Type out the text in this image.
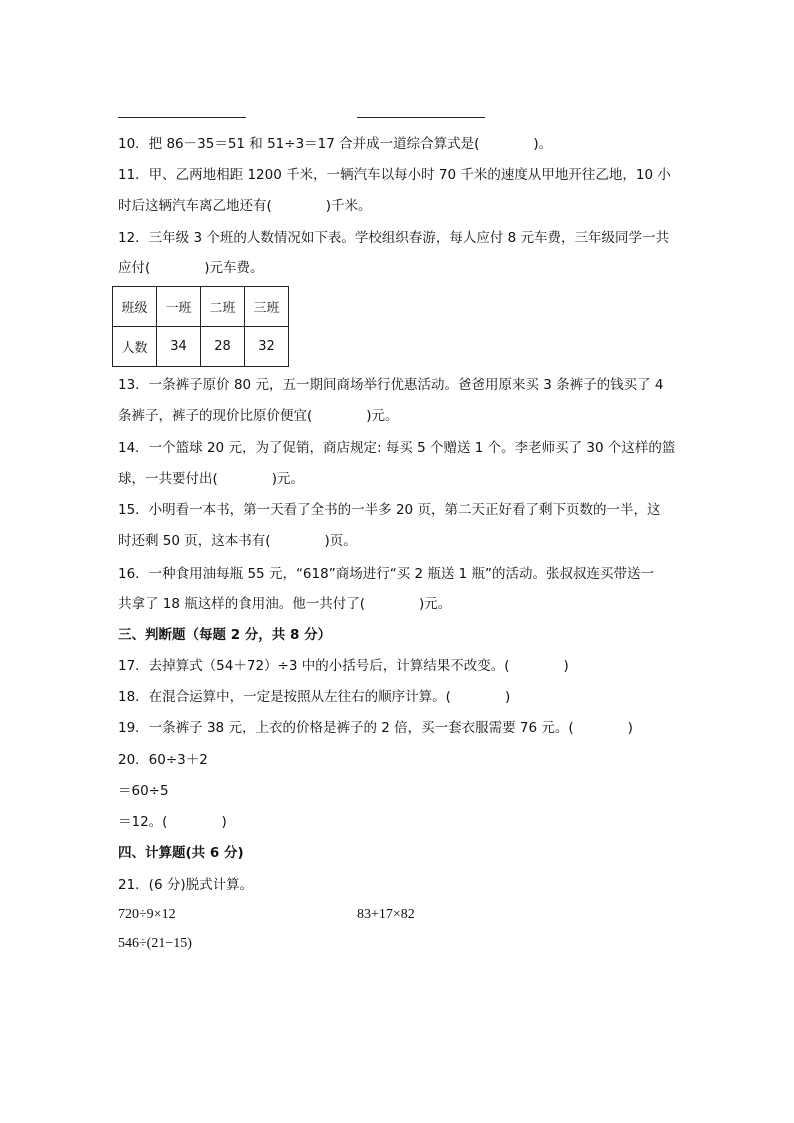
10．把 86－35＝51 和 51÷3＝17 合并成一道综合算式是(　　　　)。
11．甲、乙两地相距 1200 千米，一辆汽车以每小时 70 千米的速度从甲地开往乙地，10 小
时后这辆汽车离乙地还有(　　　　)千米。
12．三年级 3 个班的人数情况如下表。学校组织春游，每人应付 8 元车费，三年级同学一共
应付(　　　　)元车费。
班级	一班	二班	三班
人数	34	28	32
13．一条裤子原价 80 元，五一期间商场举行优惠活动。爸爸用原来买 3 条裤子的钱买了 4
条裤子，裤子的现价比原价便宜(　　　　)元。
14．一个篮球 20 元，为了促销，商店规定: 每买 5 个赠送 1 个。李老师买了 30 个这样的篮
球，一共要付出(　　　　)元。
15．小明看一本书，第一天看了全书的一半多 20 页，第二天正好看了剩下页数的一半，这
时还剩 50 页，这本书有(　　　　)页。
16．一种食用油每瓶 55 元，“618”商场进行“买 2 瓶送 1 瓶”的活动。张叔叔连买带送一
共拿了 18 瓶这样的食用油。他一共付了(　　　　)元。
三、判断题（每题 2 分，共 8 分）
17．去掉算式（54＋72）÷3 中的小括号后，计算结果不改变。(　　　　)
18．在混合运算中，一定是按照从左往右的顺序计算。(　　　　)
19．一条裤子 38 元，上衣的价格是裤子的 2 倍，买一套衣服需要 76 元。(　　　　)
20．60÷3＋2
＝60÷5
＝12。(　　　　)
四、计算题(共 6 分)
21．(6 分)脱式计算。
720÷9×12	83+17×82
546÷(21−15)
